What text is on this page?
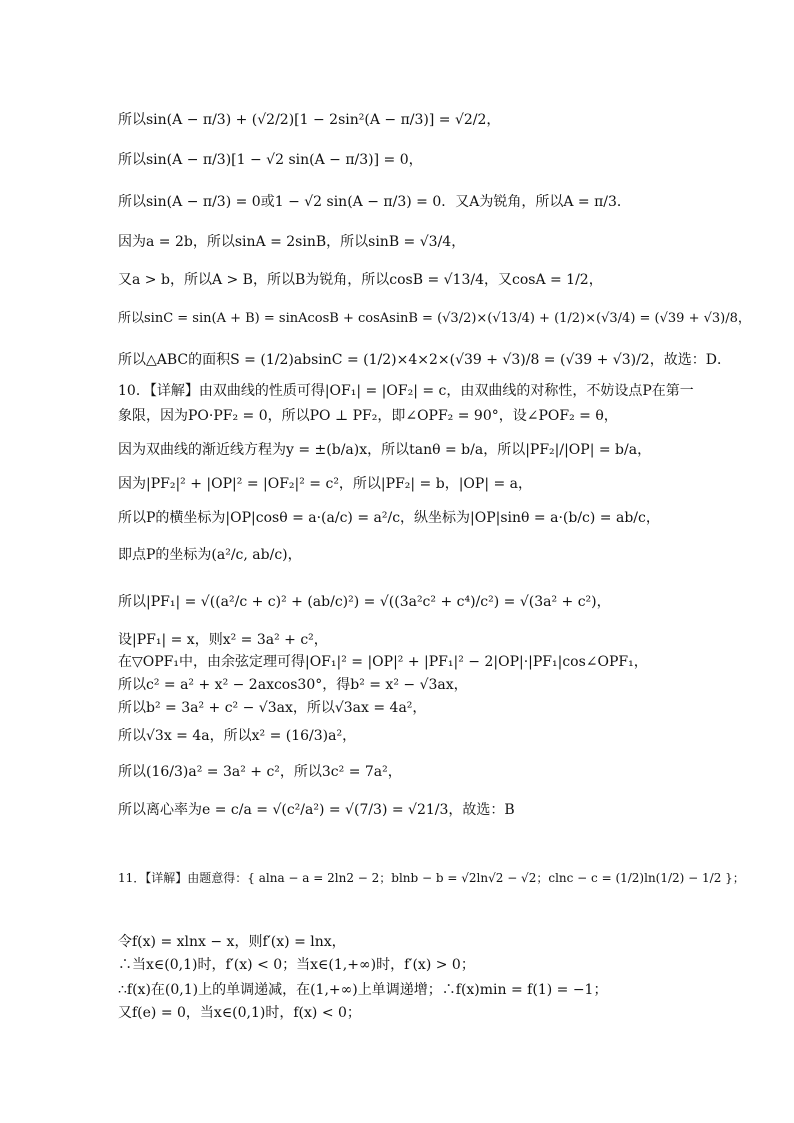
所以sin(A − π/3) + (√2/2)[1 − 2sin²(A − π/3)] = √2/2，
所以sin(A − π/3)[1 − √2 sin(A − π/3)] = 0，
所以sin(A − π/3) = 0或1 − √2 sin(A − π/3) = 0．又A为锐角，所以A = π/3．
因为a = 2b，所以sinA = 2sinB，所以sinB = √3/4，
又a > b，所以A > B，所以B为锐角，所以cosB = √13/4，又cosA = 1/2，
所以sinC = sin(A + B) = sinAcosB + cosAsinB = (√3/2)×(√13/4) + (1/2)×(√3/4) = (√39 + √3)/8，
所以△ABC的面积S = (1/2)absinC = (1/2)×4×2×(√39 + √3)/8 = (√39 + √3)/2，故选：D．
10．【详解】由双曲线的性质可得|OF₁| = |OF₂| = c，由双曲线的对称性，不妨设点P在第一
象限，因为PO·PF₂ = 0，所以PO ⊥ PF₂，即∠OPF₂ = 90°，设∠POF₂ = θ，
因为双曲线的渐近线方程为y = ±(b/a)x，所以tanθ = b/a，所以|PF₂|/|OP| = b/a，
因为|PF₂|² + |OP|² = |OF₂|² = c²，所以|PF₂| = b，|OP| = a，
所以P的横坐标为|OP|cosθ = a·(a/c) = a²/c，纵坐标为|OP|sinθ = a·(b/c) = ab/c，
即点P的坐标为(a²/c, ab/c)，
所以|PF₁| = √((a²/c + c)² + (ab/c)²) = √((3a²c² + c⁴)/c²) = √(3a² + c²)，
设|PF₁| = x，则x² = 3a² + c²，
在▽OPF₁中，由余弦定理可得|OF₁|² = |OP|² + |PF₁|² − 2|OP|·|PF₁|cos∠OPF₁，
所以c² = a² + x² − 2axcos30°，得b² = x² − √3ax，
所以b² = 3a² + c² − √3ax，所以√3ax = 4a²，
所以√3x = 4a，所以x² = (16/3)a²，
所以(16/3)a² = 3a² + c²，所以3c² = 7a²，
所以离心率为e = c/a = √(c²/a²) = √(7/3) = √21/3，故选：B
11．【详解】由题意得：{ alna − a = 2ln2 − 2；blnb − b = √2ln√2 − √2；clnc − c = (1/2)ln(1/2) − 1/2 }；
令f(x) = xlnx − x，则f′(x) = lnx，
∴当x∈(0,1)时，f′(x) < 0；当x∈(1,+∞)时，f′(x) > 0；
∴f(x)在(0,1)上的单调递减，在(1,+∞)上单调递增；∴f(x)min = f(1) = −1；
又f(e) = 0，当x∈(0,1)时，f(x) < 0；
